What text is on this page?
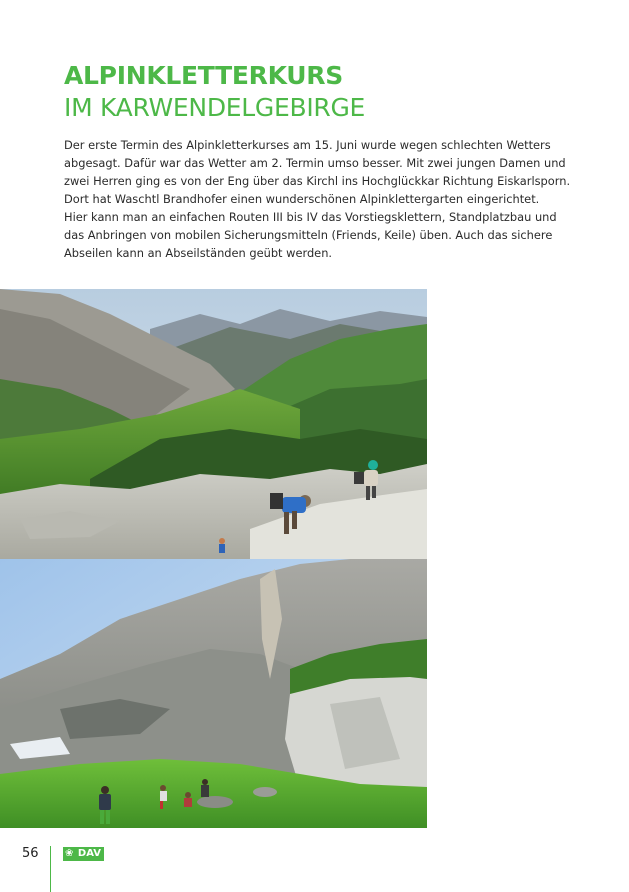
ALPINKLETTERKURS
IM KARWENDELGEBIRGE

Der erste Termin des Alpinkletterkurses am 15. Juni wurde wegen schlechten Wetters
abgesagt. Dafür war das Wetter am 2. Termin umso besser. Mit zwei jungen Damen und
zwei Herren ging es von der Eng über das Kirchl ins Hochglückkar Richtung Eiskarlsporn.
Dort hat Waschtl Brandhofer einen wunderschönen Alpinklettergarten eingerichtet.
Hier kann man an einfachen Routen III bis IV das Vorstiegsklettern, Standplatzbau und
das Anbringen von mobilen Sicherungsmitteln (Friends, Keile) üben. Auch das sichere
Abseilen kann an Abseilständen geübt werden.

56	❀ DAV
